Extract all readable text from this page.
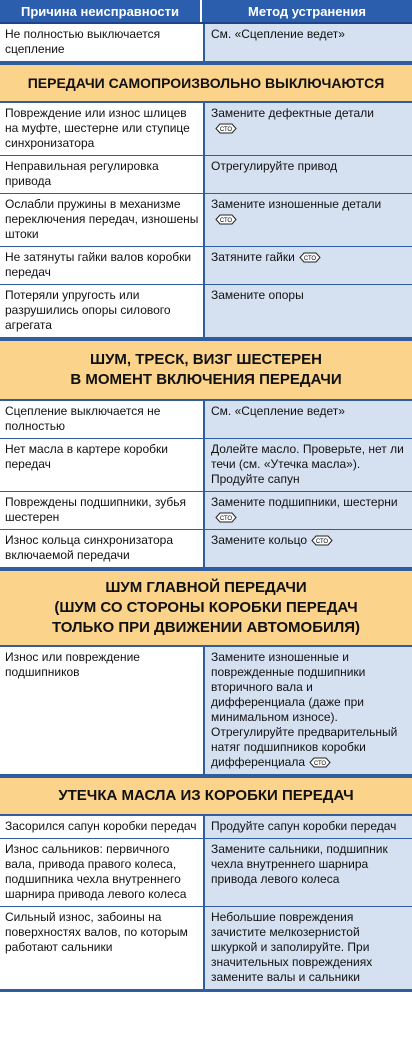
Причина неисправности	Метод устранения
Не полностью выключается сцепление
См. «Сцепление ведет»
ПЕРЕДАЧИ САМОПРОИЗВОЛЬНО ВЫКЛЮЧАЮТСЯ
Повреждение или износ шлицев на муфте, шестерне или ступице синхронизатора
Замените дефектные детали

СТО
Неправильная регулировка привода
Отрегулируйте привод
Ослабли пружины в механизме переключения передач, изношены штоки
Замените изношенные детали

СТО
Не затянуты гайки валов коробки передач
Затяните гайки СТО
Потеряли упругость или разрушились опоры силового агрегата
Замените опоры
ШУМ, ТРЕСК, ВИЗГ ШЕСТЕРЕН
В МОМЕНТ ВКЛЮЧЕНИЯ ПЕРЕДАЧИ
Сцепление выключается не полностью
См. «Сцепление ведет»
Нет масла в картере коробки передач
Долейте масло. Проверьте, нет ли течи (см. «Утечка масла»). Продуйте сапун
Повреждены подшипники, зубья шестерен
Замените подшипники, шестерни
СТО
Износ кольца синхронизатора включаемой передачи
Замените кольцо СТО
ШУМ ГЛАВНОЙ ПЕРЕДАЧИ
(ШУМ СО СТОРОНЫ КОРОБКИ ПЕРЕДАЧ
ТОЛЬКО ПРИ ДВИЖЕНИИ АВТОМОБИЛЯ)
Износ или повреждение подшипников
Замените изношенные и поврежденные подшипники вторичного вала и дифференциала (даже при минимальном износе). Отрегулируйте предварительный натяг подшипников коробки дифференциала СТО
УТЕЧКА МАСЛА ИЗ КОРОБКИ ПЕРЕДАЧ
Засорился сапун коробки передач	Продуйте сапун коробки передач
Износ сальников: первичного вала, привода правого колеса, подшипника чехла внутреннего шарнира привода левого колеса
Замените сальники, подшипник чехла внутреннего шарнира привода левого колеса
Сильный износ, забоины на поверхностях валов, по которым работают сальники
Небольшие повреждения зачистите мелкозернистой шкуркой и заполируйте. При значительных повреждениях замените валы и сальники
